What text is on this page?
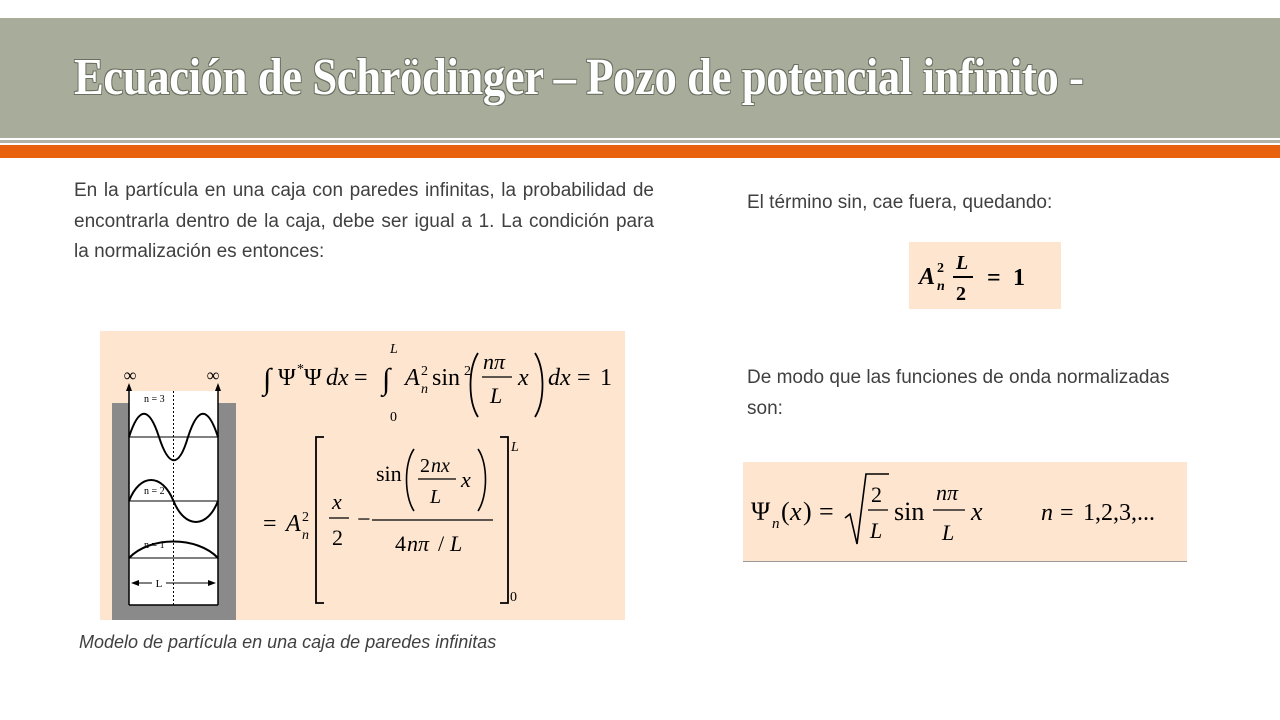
Ecuación de Schrödinger – Pozo de potencial infinito -
En la partícula en una caja con paredes infinitas, la probabilidad de encontrarla dentro de la caja, debe ser igual a 1. La condición para la normalización es entonces:
El término sin, cae fuera, quedando:
De modo que las funciones de onda normalizadas son:
∞	∞
n = 3
n = 2
n = 1
L
∫ Ψ * Ψ dx = ∫
L
0
A 2
n sin 2 nπ
L
x dx = 1
= A 2
n
x
2
−
sin 2 nx
L
x
4 nπ / L
L
0
Modelo de partícula en una caja de paredes infinitas
A 2
n
L
2
= 1
Ψ n ( x ) =
2
L
sin
nπ
L
x n = 1,2,3,...
